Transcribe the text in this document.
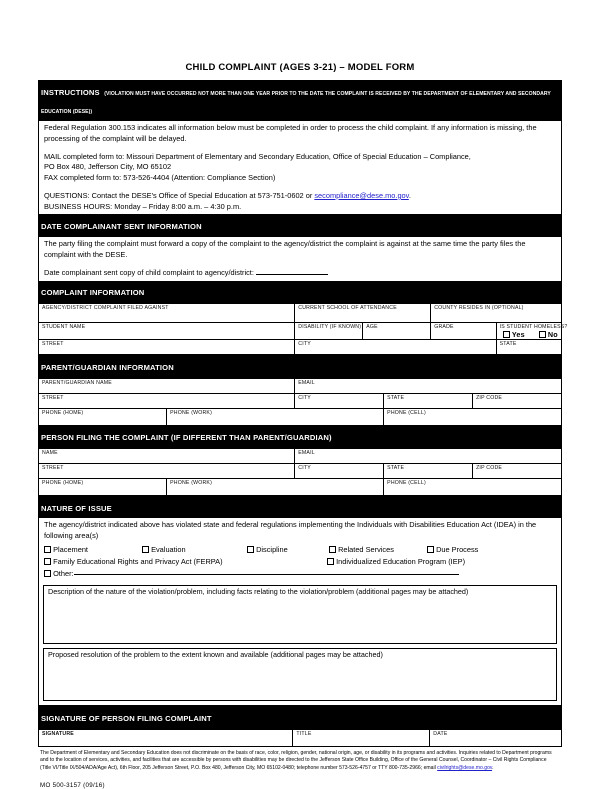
CHILD COMPLAINT (AGES 3-21) – MODEL FORM
INSTRUCTIONS (VIOLATION MUST HAVE OCCURRED NOT MORE THAN ONE YEAR PRIOR TO THE DATE THE COMPLAINT IS RECEIVED BY THE DEPARTMENT OF ELEMENTARY AND SECONDARY EDUCATION (DESE))

Federal Regulation 300.153 indicates all information below must be completed in order to process the child complaint. If any information is missing, the processing of the complaint will be delayed.

MAIL completed form to: Missouri Department of Elementary and Secondary Education, Office of Special Education – Compliance,

PO Box 480, Jefferson City, MO 65102

FAX completed form to: 573-526-4404 (Attention: Compliance Section)

QUESTIONS: Contact the DESE's Office of Special Education at 573-751-0602 or secompliance@dese.mo.gov.

BUSINESS HOURS: Monday – Friday 8:00 a.m. – 4:30 p.m.

DATE COMPLAINANT SENT INFORMATION

The party filing the complaint must forward a copy of the complaint to the agency/district the complaint is against at the same time the party files the complaint with the DESE.

Date complainant sent copy of child complaint to agency/district:

COMPLAINT INFORMATION
AGENCY/DISTRICT COMPLAINT FILED AGAINST	CURRENT SCHOOL OF ATTENDANCE		COUNTY RESIDES IN (OPTIONAL)	

STUDENT NAME	DISABILITY (IF KNOWN)	AGE	GRADE	IS STUDENT HOMELESS?
Yes No

STREET	CITY			STATE
PARENT/GUARDIAN INFORMATION
PARENT/GUARDIAN NAME		EMAIL		

STREET		CITY	STATE	ZIP CODE

PHONE (HOME)	PHONE (WORK)		PHONE (CELL)	
PERSON FILING THE COMPLAINT (IF DIFFERENT THAN PARENT/GUARDIAN)
NAME		EMAIL		

STREET		CITY	STATE	ZIP CODE

PHONE (HOME)	PHONE (WORK)		PHONE (CELL)	
NATURE OF ISSUE
The agency/district indicated above has violated state and federal regulations implementing the Individuals with Disabilities Education Act (IDEA) in the following area(s)
Placement	Evaluation	Discipline	Related Services	Due Process
Family Educational Rights and Privacy Act (FERPA)	Individualized Education Program (IEP)
Other:
Description of the nature of the violation/problem, including facts relating to the violation/problem (additional pages may be attached)
Proposed resolution of the problem to the extent known and available (additional pages may be attached)
SIGNATURE OF PERSON FILING COMPLAINT
SIGNATURE	TITLE	DATE
The Department of Elementary and Secondary Education does not discriminate on the basis of race, color, religion, gender, national origin, age, or disability in its programs and activities. Inquiries related to Department programs and to the location of services, activities, and facilities that are accessible by persons with disabilities may be directed to the Jefferson State Office Building, Office of the General Counsel, Coordinator – Civil Rights Compliance (Title VI/Title IX/504/ADA/Age Act), 6th Floor, 205 Jefferson Street, P.O. Box 480, Jefferson City, MO 65102-0480; telephone number 573-526-4757 or TTY 800-735-2966; email civilrights@dese.mo.gov.
MO 500-3157 (09/16)
